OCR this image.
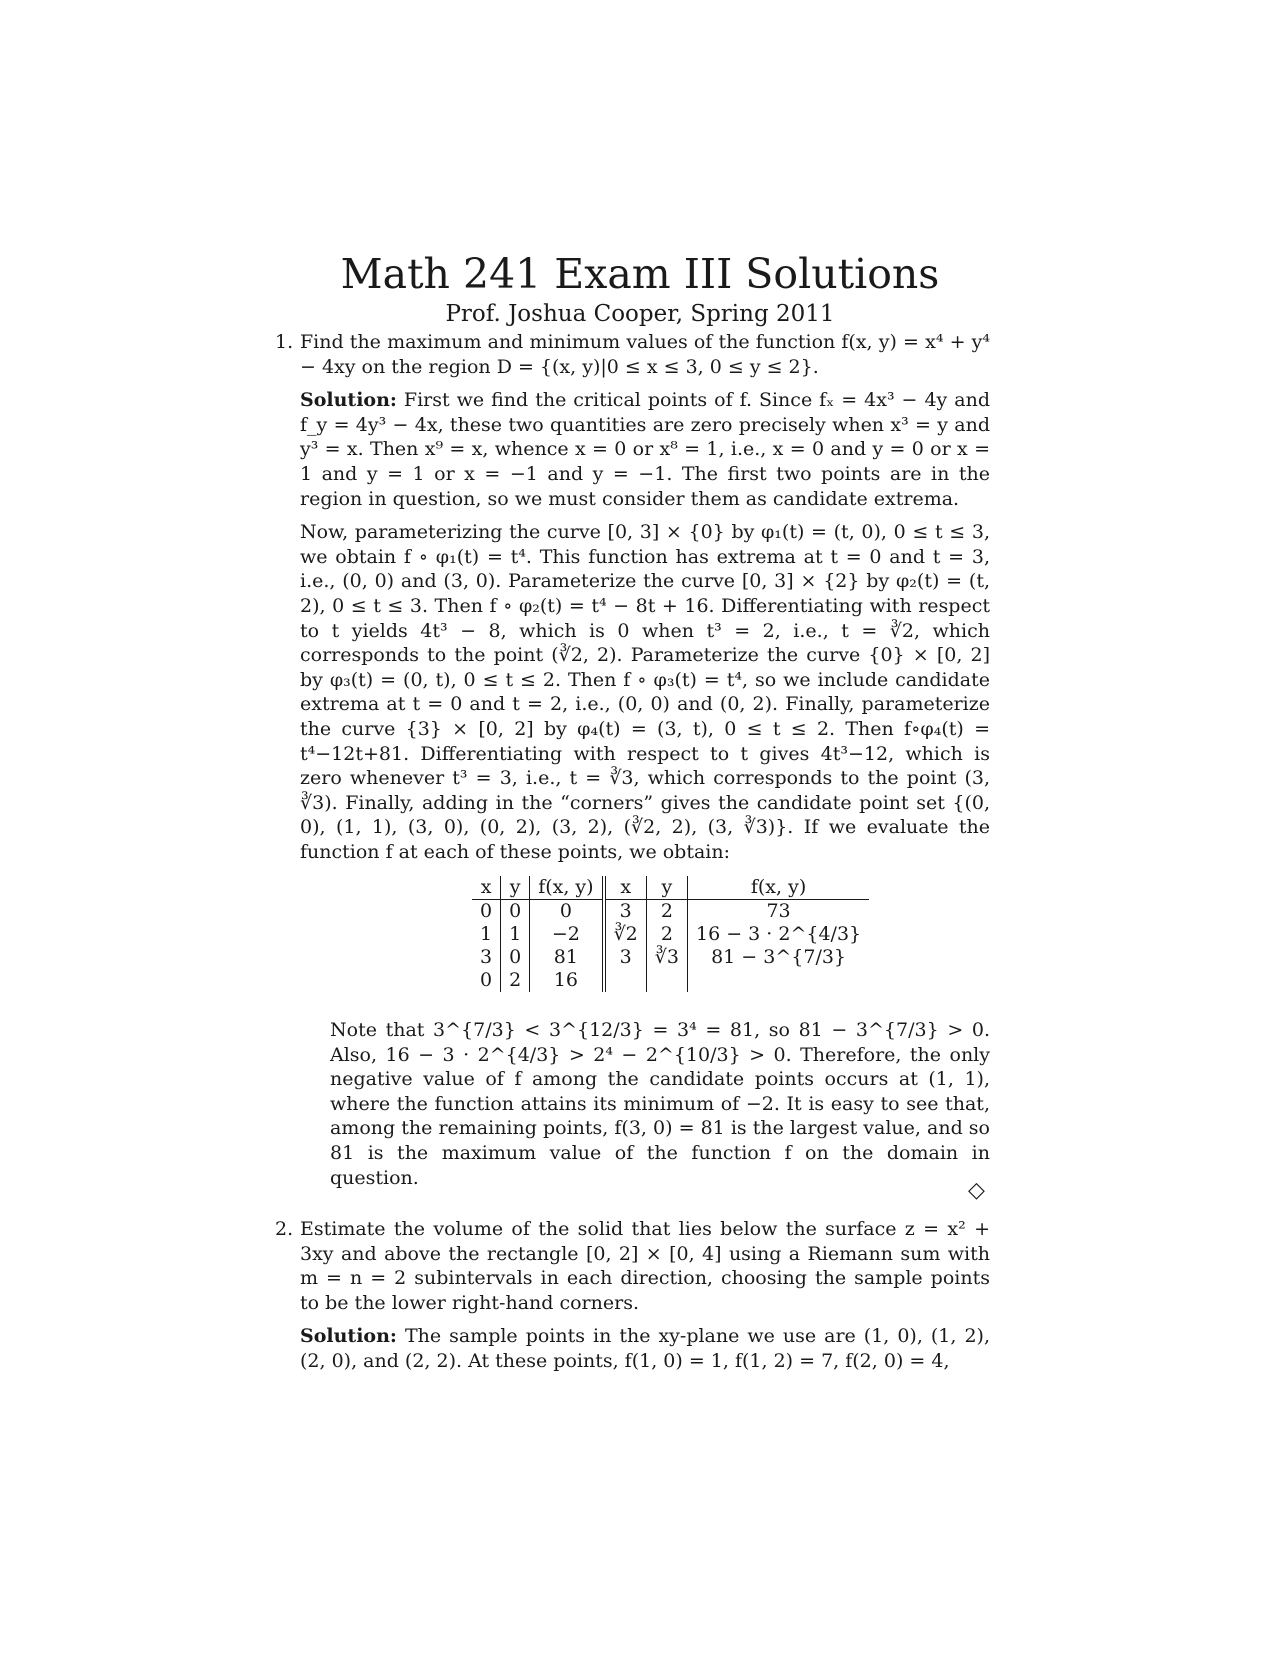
Math 241 Exam III Solutions
Prof. Joshua Cooper, Spring 2011
1. Find the maximum and minimum values of the function f(x, y) = x⁴ + y⁴ − 4xy on the region D = {(x, y)|0 ≤ x ≤ 3, 0 ≤ y ≤ 2}.

Solution: First we find the critical points of f. Since fₓ = 4x³ − 4y and f_y = 4y³ − 4x, these two quantities are zero precisely when x³ = y and y³ = x. Then x⁹ = x, whence x = 0 or x⁸ = 1, i.e., x = 0 and y = 0 or x = 1 and y = 1 or x = −1 and y = −1. The first two points are in the region in question, so we must consider them as candidate extrema.

Now, parameterizing the curve [0, 3] × {0} by φ₁(t) = (t, 0), 0 ≤ t ≤ 3, we obtain f ∘ φ₁(t) = t⁴. This function has extrema at t = 0 and t = 3, i.e., (0, 0) and (3, 0). Parameterize the curve [0, 3] × {2} by φ₂(t) = (t, 2), 0 ≤ t ≤ 3. Then f ∘ φ₂(t) = t⁴ − 8t + 16. Differentiating with respect to t yields 4t³ − 8, which is 0 when t³ = 2, i.e., t = ∛2, which corresponds to the point (∛2, 2). Parameterize the curve {0} × [0, 2] by φ₃(t) = (0, t), 0 ≤ t ≤ 2. Then f ∘ φ₃(t) = t⁴, so we include candidate extrema at t = 0 and t = 2, i.e., (0, 0) and (0, 2). Finally, parameterize the curve {3} × [0, 2] by φ₄(t) = (3, t), 0 ≤ t ≤ 2. Then f∘φ₄(t) = t⁴−12t+81. Differentiating with respect to t gives 4t³−12, which is zero whenever t³ = 3, i.e., t = ∛3, which corresponds to the point (3, ∛3). Finally, adding in the “corners” gives the candidate point set {(0, 0), (1, 1), (3, 0), (0, 2), (3, 2), (∛2, 2), (3, ∛3)}. If we evaluate the function f at each of these points, we obtain:

x	y	f(x, y)	x	y	f(x, y)
0	0	0	3	2	73
1	1	−2	∛2	2	16 − 3 · 2^{4/3}
3	0	81	3	∛3	81 − 3^{7/3}
0	2	16			

Note that 3^{7/3} < 3^{12/3} = 3⁴ = 81, so 81 − 3^{7/3} > 0. Also, 16 − 3 · 2^{4/3} > 2⁴ − 2^{10/3} > 0. Therefore, the only negative value of f among the candidate points occurs at (1, 1), where the function attains its minimum of −2. It is easy to see that, among the remaining points, f(3, 0) = 81 is the largest value, and so 81 is the maximum value of the function f on the domain in question.

◇
2. Estimate the volume of the solid that lies below the surface z = x² + 3xy and above the rectangle [0, 2] × [0, 4] using a Riemann sum with m = n = 2 subintervals in each direction, choosing the sample points to be the lower right-hand corners.

Solution: The sample points in the xy-plane we use are (1, 0), (1, 2), (2, 0), and (2, 2). At these points, f(1, 0) = 1, f(1, 2) = 7, f(2, 0) = 4,
